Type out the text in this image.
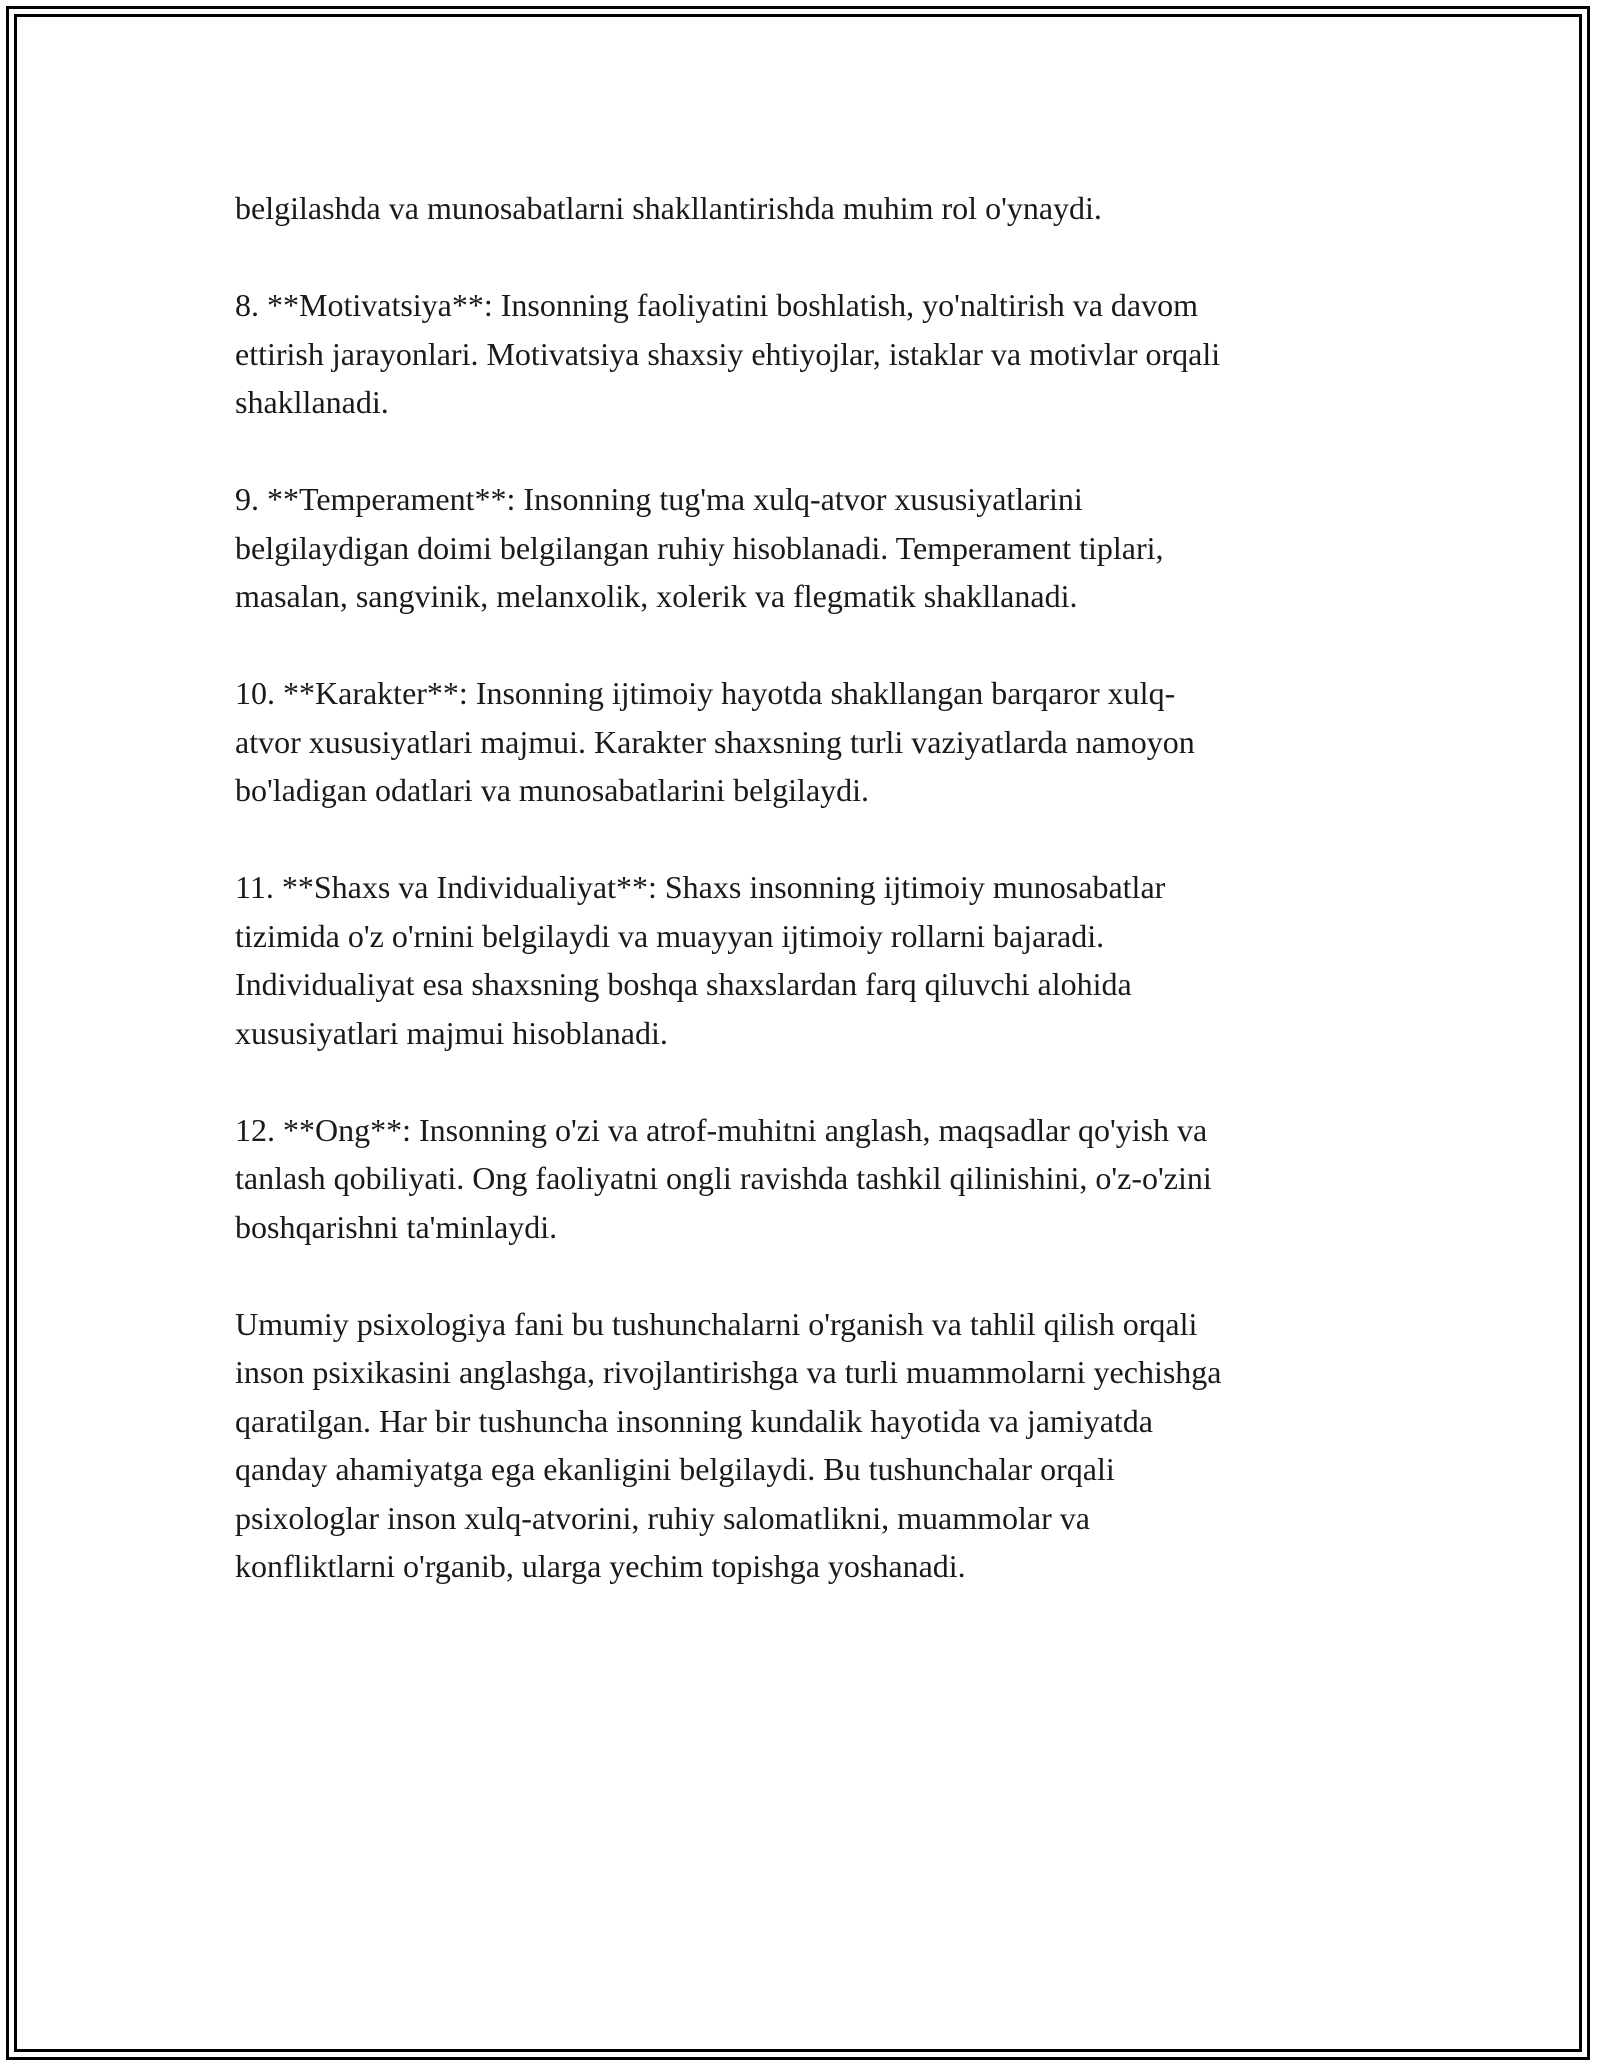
belgilashda va munosabatlarni shakllantirishda muhim rol o'ynaydi.

8. **Motivatsiya**: Insonning faoliyatini boshlatish, yo'naltirish va davom
ettirish jarayonlari. Motivatsiya shaxsiy ehtiyojlar, istaklar va motivlar orqali
shakllanadi.

9. **Temperament**: Insonning tug'ma xulq-atvor xususiyatlarini
belgilaydigan doimi belgilangan ruhiy hisoblanadi. Temperament tiplari,
masalan, sangvinik, melanxolik, xolerik va flegmatik shakllanadi.

10. **Karakter**: Insonning ijtimoiy hayotda shakllangan barqaror xulq-
atvor xususiyatlari majmui. Karakter shaxsning turli vaziyatlarda namoyon
bo'ladigan odatlari va munosabatlarini belgilaydi.

11. **Shaxs va Individualiyat**: Shaxs insonning ijtimoiy munosabatlar
tizimida o'z o'rnini belgilaydi va muayyan ijtimoiy rollarni bajaradi.
Individualiyat esa shaxsning boshqa shaxslardan farq qiluvchi alohida
xususiyatlari majmui hisoblanadi.

12. **Ong**: Insonning o'zi va atrof-muhitni anglash, maqsadlar qo'yish va
tanlash qobiliyati. Ong faoliyatni ongli ravishda tashkil qilinishini, o'z-o'zini
boshqarishni ta'minlaydi.

Umumiy psixologiya fani bu tushunchalarni o'rganish va tahlil qilish orqali
inson psixikasini anglashga, rivojlantirishga va turli muammolarni yechishga
qaratilgan. Har bir tushuncha insonning kundalik hayotida va jamiyatda
qanday ahamiyatga ega ekanligini belgilaydi. Bu tushunchalar orqali
psixologlar inson xulq-atvorini, ruhiy salomatlikni, muammolar va
konfliktlarni o'rganib, ularga yechim topishga yoshanadi.
